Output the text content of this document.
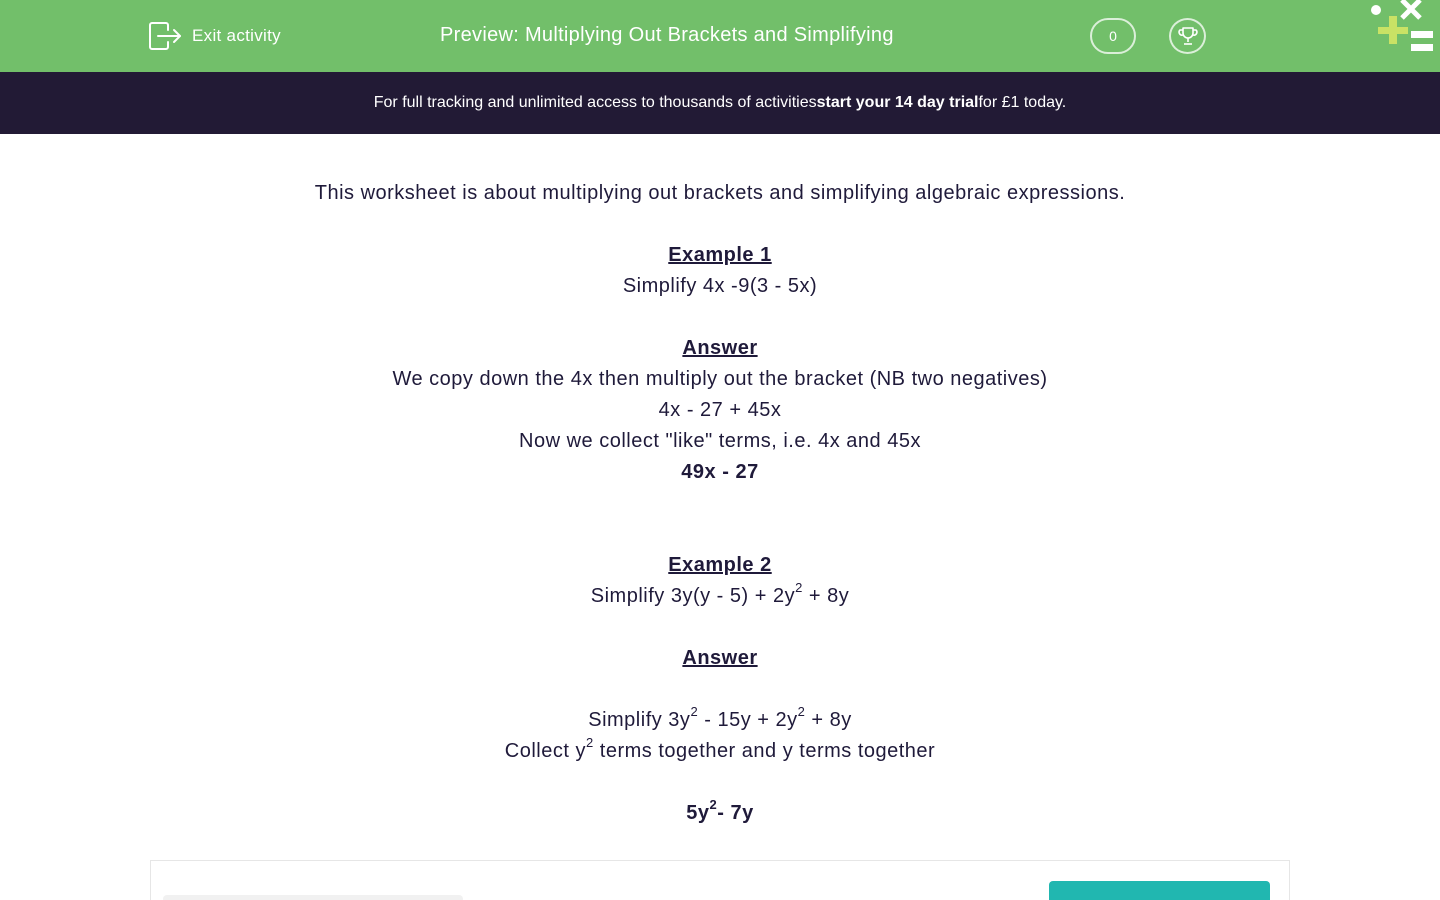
Exit activity	Preview: Multiplying Out Brackets and Simplifying	0
For full tracking and unlimited access to thousands of activities start your 14 day trial for £1 today.
This worksheet is about multiplying out brackets and simplifying algebraic expressions.
Example 1
Simplify 4x -9(3 - 5x)
Answer
We copy down the 4x then multiply out the bracket (NB two negatives)
4x - 27 + 45x
Now we collect "like" terms, i.e. 4x and 45x
49x - 27
Example 2
Simplify $3y(y - 5) + 2y^2 + 8y$
Answer
Simplify $3y^2 - 15y + 2y^2 + 8y$
Collect $y^2$ terms together and y terms together
$5y^2-$ 7y
